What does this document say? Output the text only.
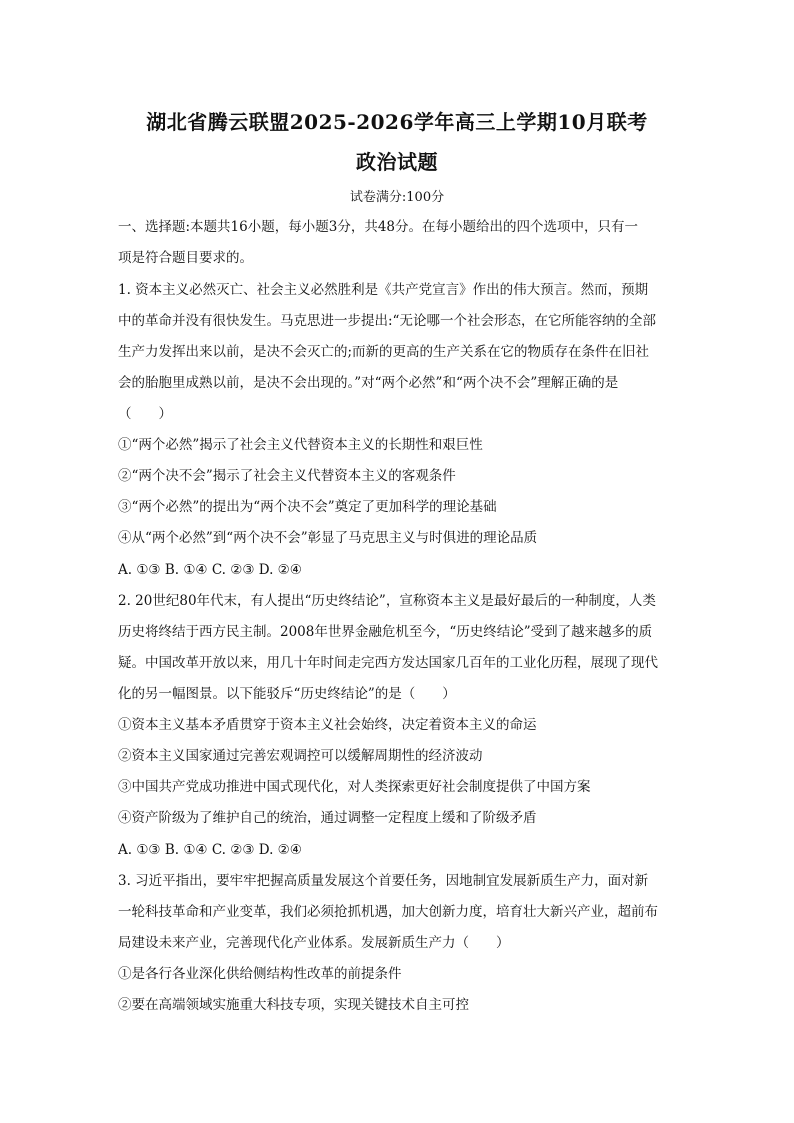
湖北省腾云联盟2025-2026学年高三上学期10月联考
政治试题
试卷满分:100分
一、选择题:本题共16小题，每小题3分，共48分。在每小题给出的四个选项中，只有一
项是符合题目要求的。
1. 资本主义必然灭亡、社会主义必然胜利是《共产党宣言》作出的伟大预言。然而，预期
中的革命并没有很快发生。马克思进一步提出:“无论哪一个社会形态，在它所能容纳的全部
生产力发挥出来以前，是决不会灭亡的;而新的更高的生产关系在它的物质存在条件在旧社
会的胎胞里成熟以前，是决不会出现的。”对“两个必然”和“两个决不会”理解正确的是
（　　）
①“两个必然”揭示了社会主义代替资本主义的长期性和艰巨性
②“两个决不会”揭示了社会主义代替资本主义的客观条件
③“两个必然”的提出为“两个决不会”奠定了更加科学的理论基础
④从“两个必然”到“两个决不会”彰显了马克思主义与时俱进的理论品质
A. ①③ B. ①④ C. ②③ D. ②④
2. 20世纪80年代末，有人提出“历史终结论”，宣称资本主义是最好最后的一种制度，人类
历史将终结于西方民主制。2008年世界金融危机至今，“历史终结论”受到了越来越多的质
疑。中国改革开放以来，用几十年时间走完西方发达国家几百年的工业化历程，展现了现代
化的另一幅图景。以下能驳斥“历史终结论”的是（　　）
①资本主义基本矛盾贯穿于资本主义社会始终，决定着资本主义的命运
②资本主义国家通过完善宏观调控可以缓解周期性的经济波动
③中国共产党成功推进中国式现代化，对人类探索更好社会制度提供了中国方案
④资产阶级为了维护自己的统治，通过调整一定程度上缓和了阶级矛盾
A. ①③ B. ①④ C. ②③ D. ②④
3. 习近平指出，要牢牢把握高质量发展这个首要任务，因地制宜发展新质生产力，面对新
一轮科技革命和产业变革，我们必须抢抓机遇，加大创新力度，培育壮大新兴产业，超前布
局建设未来产业，完善现代化产业体系。发展新质生产力（　　）
①是各行各业深化供给侧结构性改革的前提条件
②要在高端领域实施重大科技专项，实现关键技术自主可控
